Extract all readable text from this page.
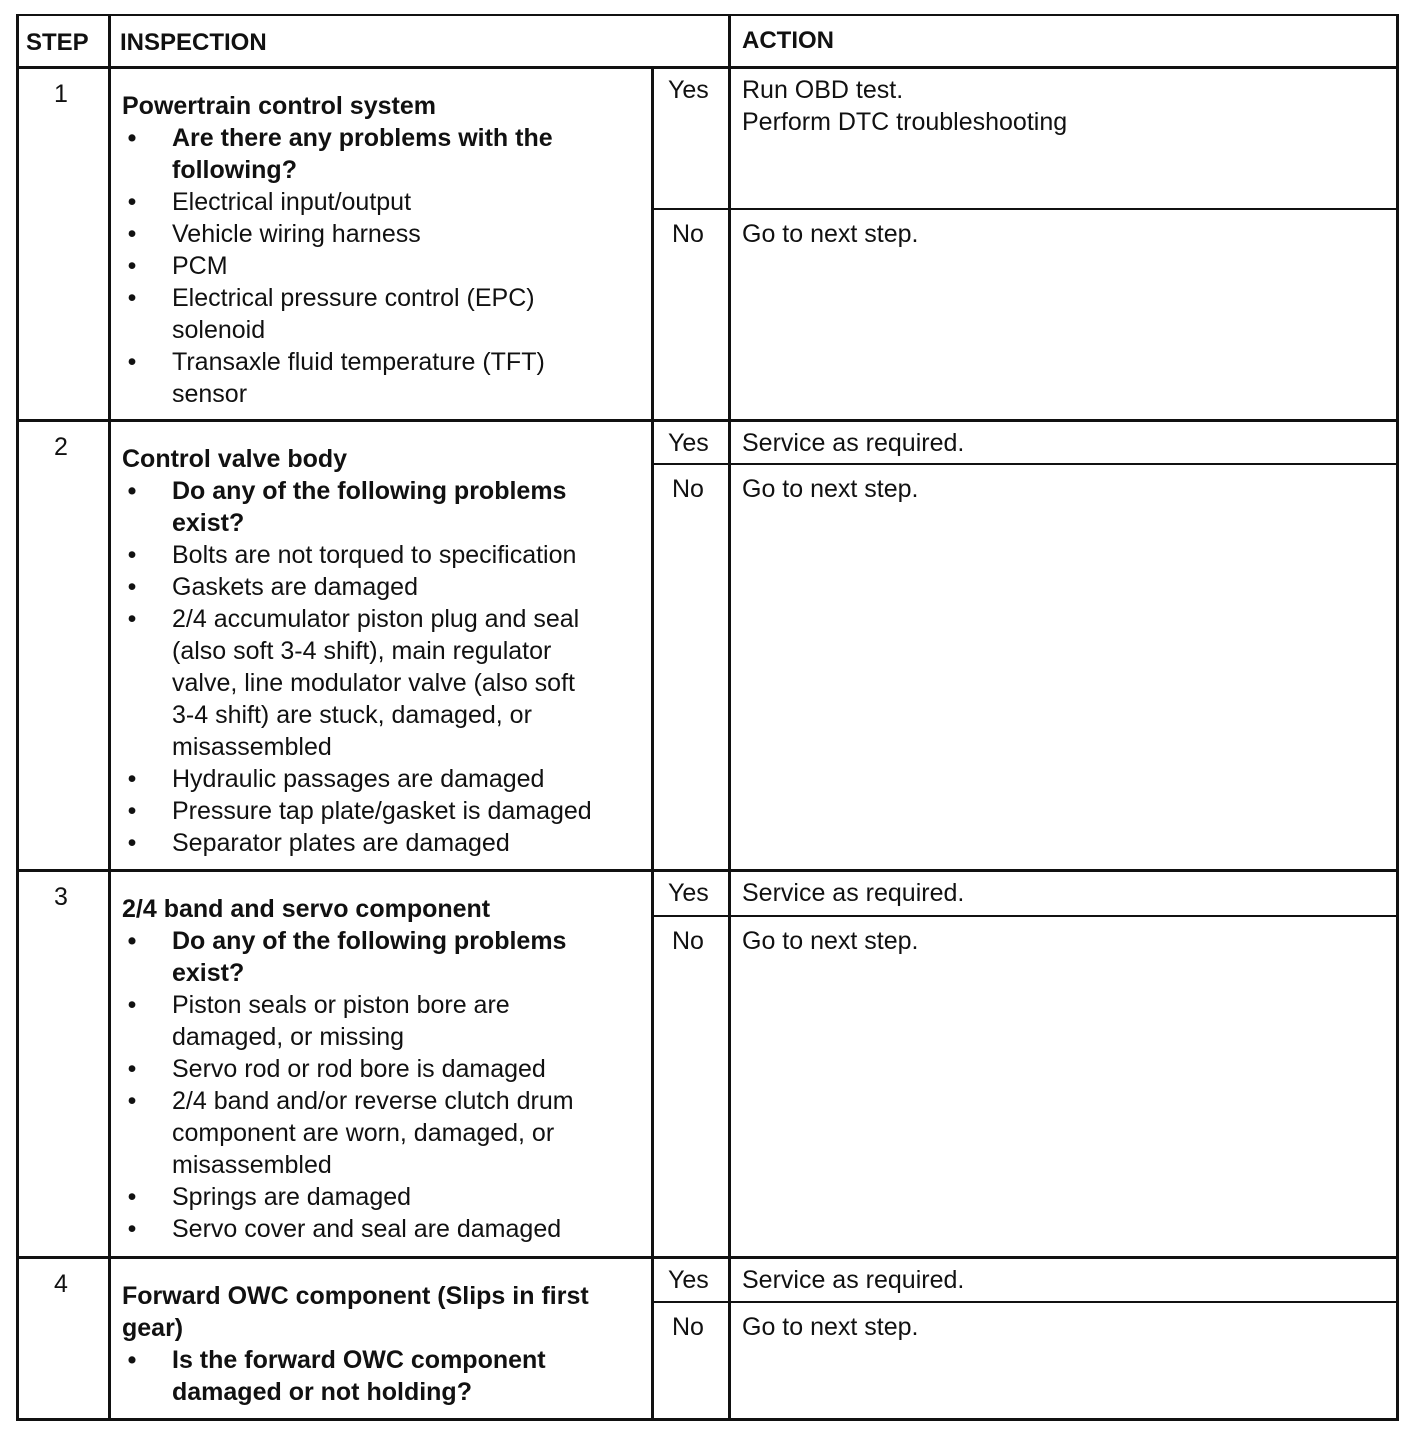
STEP INSPECTION	ACTION
1 Powertrain control system
• Are there any problems with the
following?
• Electrical input/output
• Vehicle wiring harness
• PCM
• Electrical pressure control (EPC)
solenoid
• Transaxle fluid temperature (TFT)
sensor
Yes Run OBD test.
Perform DTC troubleshooting
No Go to next step.
2 Control valve body
• Do any of the following problems
exist?
• Bolts are not torqued to specification
• Gaskets are damaged
• 2/4 accumulator piston plug and seal
(also soft 3-4 shift), main regulator
valve, line modulator valve (also soft
3-4 shift) are stuck, damaged, or
misassembled
• Hydraulic passages are damaged
• Pressure tap plate/gasket is damaged
• Separator plates are damaged
Yes Service as required.
No Go to next step.
3 2/4 band and servo component
• Do any of the following problems
exist?
• Piston seals or piston bore are
damaged, or missing
• Servo rod or rod bore is damaged
• 2/4 band and/or reverse clutch drum
component are worn, damaged, or
misassembled
• Springs are damaged
• Servo cover and seal are damaged
Yes Service as required.
No Go to next step.
4 Forward OWC component (Slips in first
gear)
• Is the forward OWC component
damaged or not holding?
Yes Service as required.
No Go to next step.
